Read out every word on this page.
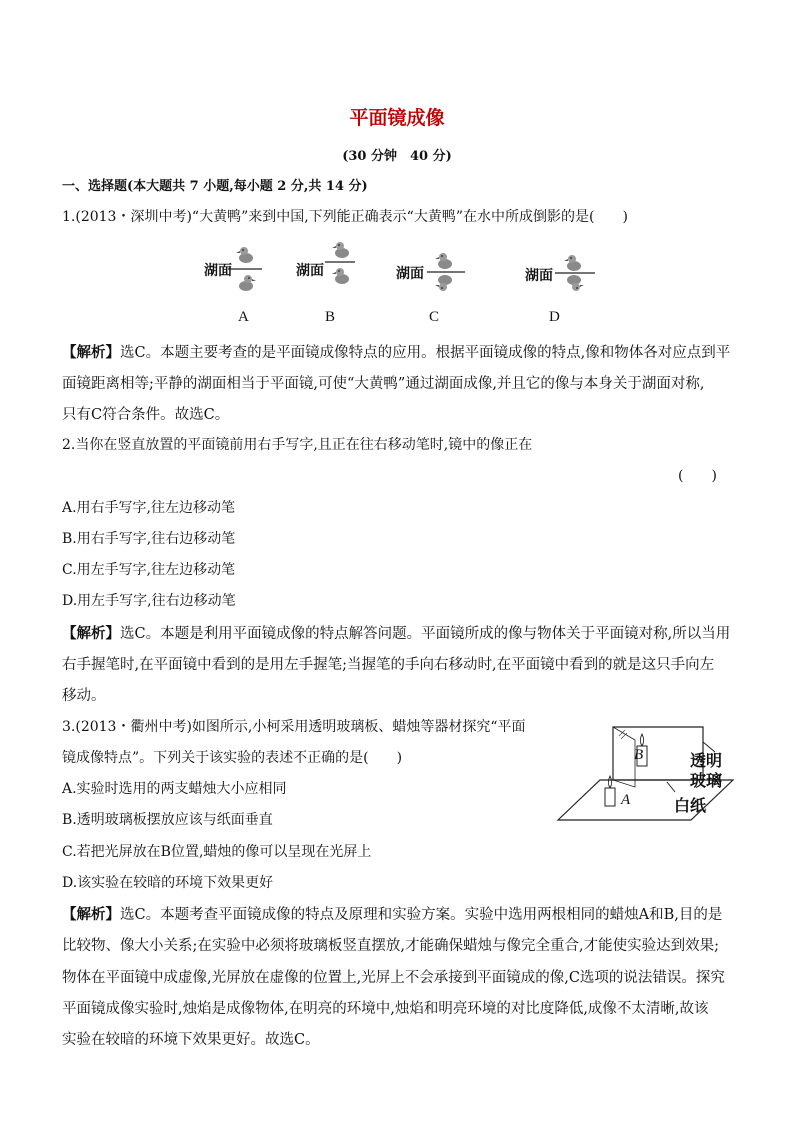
平面镜成像
(30 分钟　40 分)
一、选择题(本大题共 7 小题,每小题 2 分,共 14 分)
1.(2013・深圳中考)“大黄鸭”来到中国,下列能正确表示“大黄鸭”在水中所成倒影的是(　　)
湖面	湖面	湖面	湖面
A	B	C	D
【解析】选C。本题主要考查的是平面镜成像特点的应用。根据平面镜成像的特点,像和物体各对应点到平
面镜距离相等;平静的湖面相当于平面镜,可使“大黄鸭”通过湖面成像,并且它的像与本身关于湖面对称,
只有C符合条件。故选C。
2.当你在竖直放置的平面镜前用右手写字,且正在往右移动笔时,镜中的像正在
(　　)
A.用右手写字,往左边移动笔
B.用右手写字,往右边移动笔
C.用左手写字,往左边移动笔
D.用左手写字,往右边移动笔
【解析】选C。本题是利用平面镜成像的特点解答问题。平面镜所成的像与物体关于平面镜对称,所以当用
右手握笔时,在平面镜中看到的是用左手握笔;当握笔的手向右移动时,在平面镜中看到的就是这只手向左
移动。
3.(2013・衢州中考)如图所示,小柯采用透明玻璃板、蜡烛等器材探究“平面
镜成像特点”。下列关于该实验的表述不正确的是(　　)
A.实验时选用的两支蜡烛大小应相同
B.透明玻璃板摆放应该与纸面垂直
C.若把光屏放在B位置,蜡烛的像可以呈现在光屏上
D.该实验在较暗的环境下效果更好
B
A
透明
玻璃
白纸
【解析】选C。本题考查平面镜成像的特点及原理和实验方案。实验中选用两根相同的蜡烛A和B,目的是
比较物、像大小关系;在实验中必须将玻璃板竖直摆放,才能确保蜡烛与像完全重合,才能使实验达到效果;
物体在平面镜中成虚像,光屏放在虚像的位置上,光屏上不会承接到平面镜成的像,C选项的说法错误。探究
平面镜成像实验时,烛焰是成像物体,在明亮的环境中,烛焰和明亮环境的对比度降低,成像不太清晰,故该
实验在较暗的环境下效果更好。故选C。
